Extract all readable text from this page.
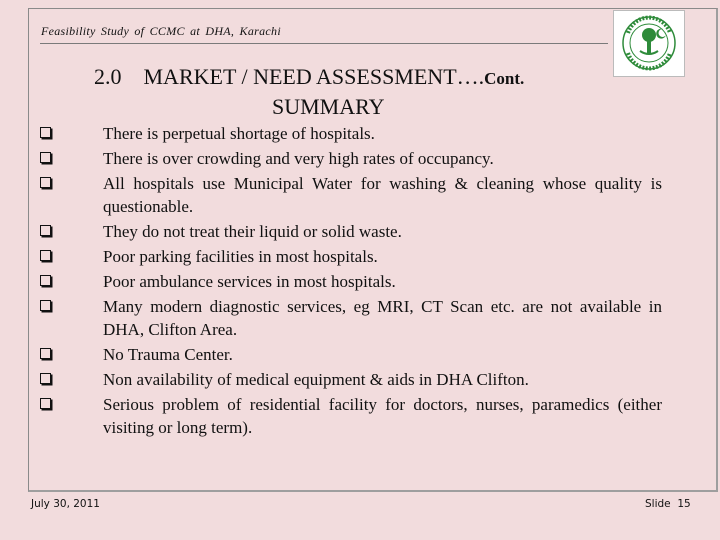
Feasibility Study of CCMC at DHA, Karachi
2.0 MARKET / NEED ASSESSMENT….Cont.
SUMMARY
There is perpetual shortage of hospitals.
There is over crowding and very high rates of occupancy.
All hospitals use Municipal Water for washing & cleaning whose quality is questionable.
They do not treat their liquid or solid waste.
Poor parking facilities in most hospitals.
Poor ambulance services in most hospitals.
Many modern diagnostic services, eg MRI, CT Scan etc. are not available in DHA, Clifton Area.
No Trauma Center.
Non availability of medical equipment & aids in DHA Clifton.
Serious problem of residential facility for doctors, nurses, paramedics (either visiting or long term).
July 30, 2011	Slide 15
